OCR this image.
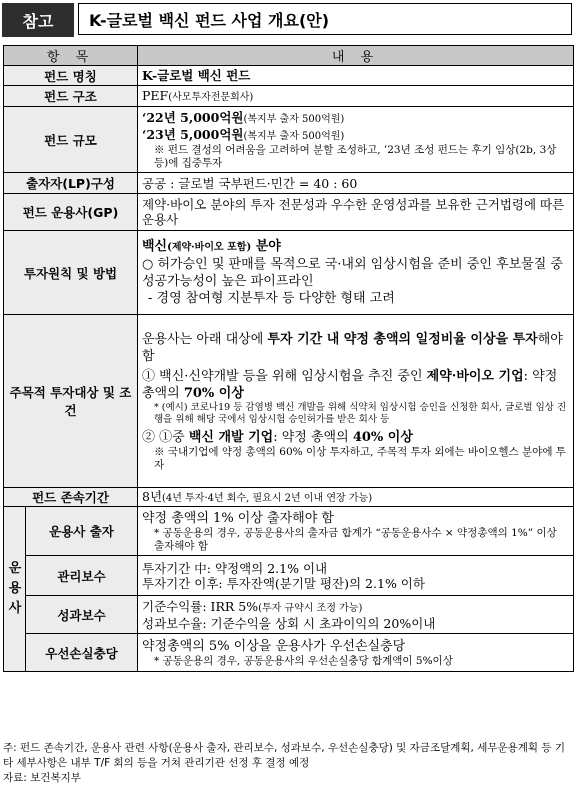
참고	K-글로벌 백신 펀드 사업 개요(안)
항 목		내 용
펀드 명칭		K-글로벌 백신 펀드
펀드 구조		PEF(사모투자전문회사)
펀드 규모		‘22년 5,000억원(복지부 출자 500억원)
‘23년 5,000억원(복지부 출자 500억원)
※ 펀드 결성의 어려움을 고려하여 분할 조성하고, ’23년 조성 펀드는 후기 임상(2b, 3상 등)에 집중투자

출자자(LP)구성		공공 : 글로벌 국부펀드·민간 = 40 : 60
펀드 운용사(GP)		제약·바이오 분야의 투자 전문성과 우수한 운영성과를 보유한 근거법령에 따른 운용사
투자원칙 및 방법		백신(제약·바이오 포함) 분야
○ 허가승인 및 판매를 목적으로 국·내외 임상시험을 준비 중인 후보물질 중 성공가능성이 높은 파이프라인
- 경영 참여형 지분투자 등 다양한 형태 고려

주목적 투자대상 및 조건		운용사는 아래 대상에 투자 기간 내 약정 총액의 일정비율 이상을 투자해야 함
① 백신·신약개발 등을 위해 임상시험을 추진 중인 제약·바이오 기업: 약정 총액의 70% 이상
* (예시) 코로나19 등 감염병 백신 개발을 위해 식약처 임상시험 승인을 신청한 회사, 글로벌 임상 진행을 위해 해당 국에서 임상시험 승인허가를 받은 회사 등
② ①중 백신 개발 기업: 약정 총액의 40% 이상
※ 국내기업에 약정 총액의 60% 이상 투자하고, 주목적 투자 외에는 바이오헬스 분야에 투자

펀드 존속기간		8년(4년 투자·4년 회수, 필요시 2년 이내 연장 가능)

운용사	운용사 출자	약정 총액의 1% 이상 출자해야 함
* 공동운용의 경우, 공동운용사의 출자금 합계가 “공동운용사수 × 약정총액의 1%” 이상 출자해야 함

	관리보수	투자기간 中: 약정액의 2.1% 이내
투자기간 이후: 투자잔액(분기말 평잔)의 2.1% 이하

	성과보수	기준수익률: IRR 5%(투자 규약시 조정 가능)
성과보수율: 기준수익을 상회 시 초과이익의 20%이내

	우선손실충당	약정총액의 5% 이상을 운용사가 우선손실충당
* 공동운용의 경우, 공동운용사의 우선손실충당 합계액이 5%이상
주: 펀드 존속기간, 운용사 관련 사항(운용사 출자, 관리보수, 성과보수, 우선손실충당) 및 자금조달계획, 세무운용계획 등 기타 세부사항은 내부 T/F 회의 등을 거쳐 관리기관 선정 후 결정 예정
자료: 보건복지부
